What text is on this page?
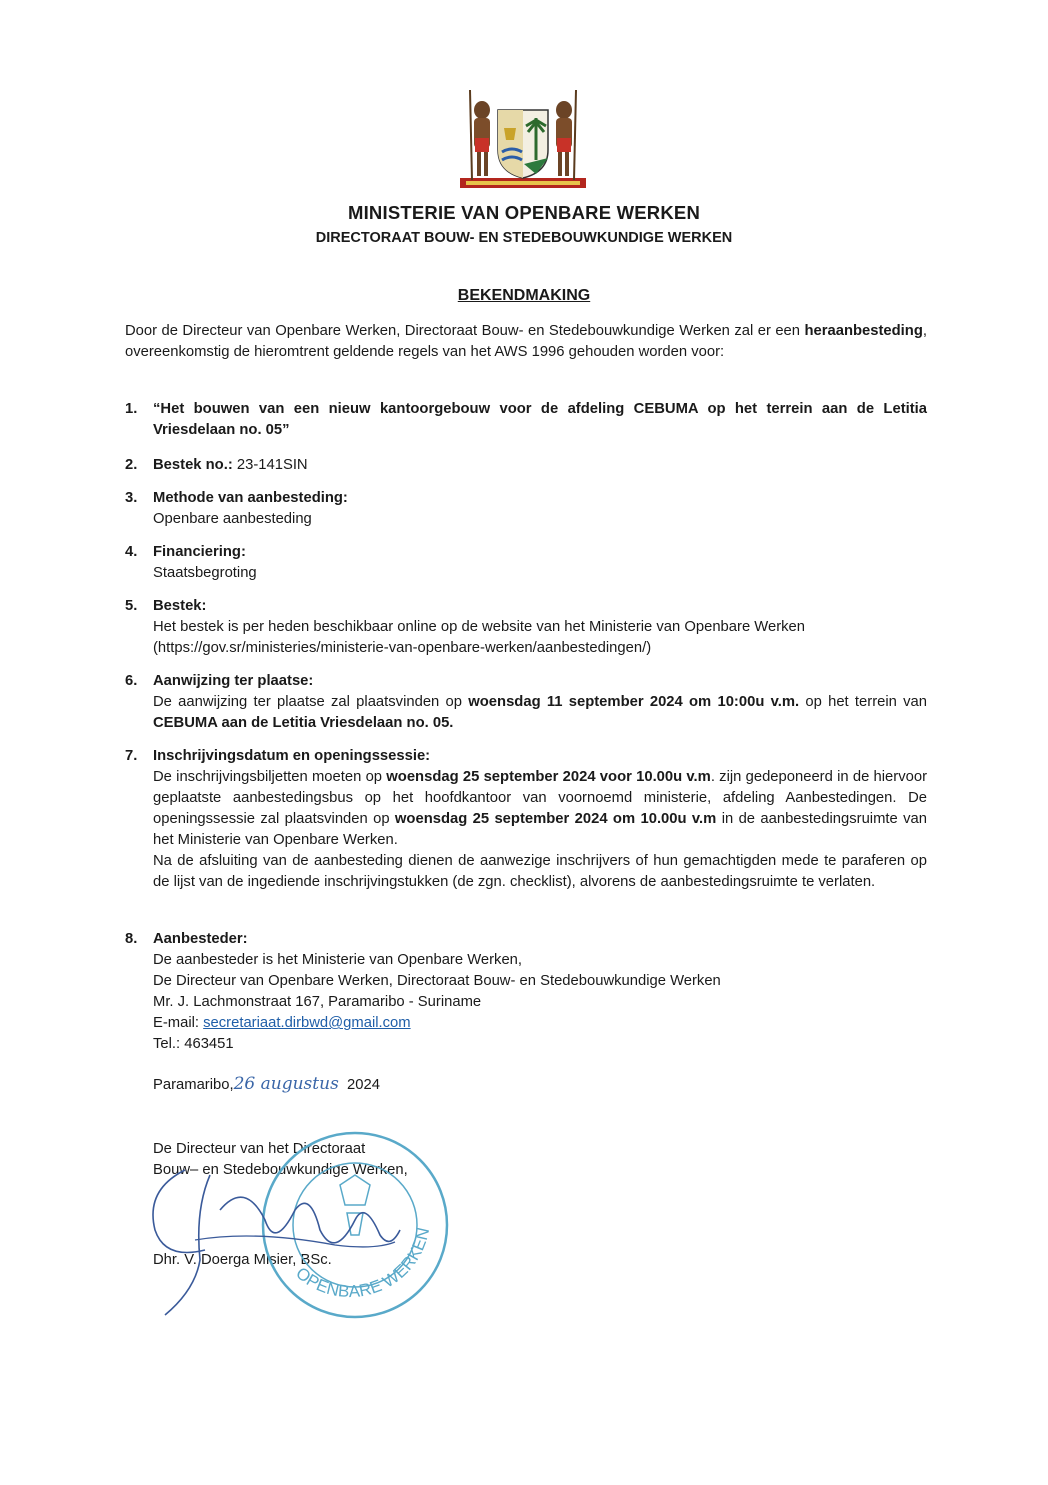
MINISTERIE VAN OPENBARE WERKEN
DIRECTORAAT BOUW- EN STEDEBOUWKUNDIGE WERKEN
BEKENDMAKING
Door de Directeur van Openbare Werken, Directoraat Bouw- en Stedebouwkundige Werken zal er een heraanbesteding, overeenkomstig de hieromtrent geldende regels van het AWS 1996 gehouden worden voor:
1. “Het bouwen van een nieuw kantoorgebouw voor de afdeling CEBUMA op het terrein aan de Letitia Vriesdelaan no. 05”
2. Bestek no.: 23-141SIN
3. Methode van aanbesteding:
Openbare aanbesteding
4. Financiering:
Staatsbegroting
5. Bestek:
Het bestek is per heden beschikbaar online op de website van het Ministerie van Openbare Werken
(https://gov.sr/ministeries/ministerie-van-openbare-werken/aanbestedingen/)
6. Aanwijzing ter plaatse:
De aanwijzing ter plaatse zal plaatsvinden op woensdag 11 september 2024 om 10:00u v.m. op het terrein van CEBUMA aan de Letitia Vriesdelaan no. 05.
7. Inschrijvingsdatum en openingssessie:
De inschrijvingsbiljetten moeten op woensdag 25 september 2024 voor 10.00u v.m. zijn gedeponeerd in de hiervoor geplaatste aanbestedingsbus op het hoofdkantoor van voornoemd ministerie, afdeling Aanbestedingen. De openingssessie zal plaatsvinden op woensdag 25 september 2024 om 10.00u v.m in de aanbestedingsruimte van het Ministerie van Openbare Werken.
Na de afsluiting van de aanbesteding dienen de aanwezige inschrijvers of hun gemachtigden mede te paraferen op de lijst van de ingediende inschrijvingstukken (de zgn. checklist), alvorens de aanbestedingsruimte te verlaten.
8. Aanbesteder:
De aanbesteder is het Ministerie van Openbare Werken,
De Directeur van Openbare Werken, Directoraat Bouw- en Stedebouwkundige Werken
Mr. J. Lachmonstraat 167, Paramaribo - Suriname
E-mail: secretariaat.dirbwd@gmail.com
Tel.: 463451
Paramaribo,26 augustus 2024
De Directeur van het Directoraat
Bouw– en Stedebouwkundige Werken,
Dhr. V. Doerga Misier, BSc.
OPENBARE WERKEN
